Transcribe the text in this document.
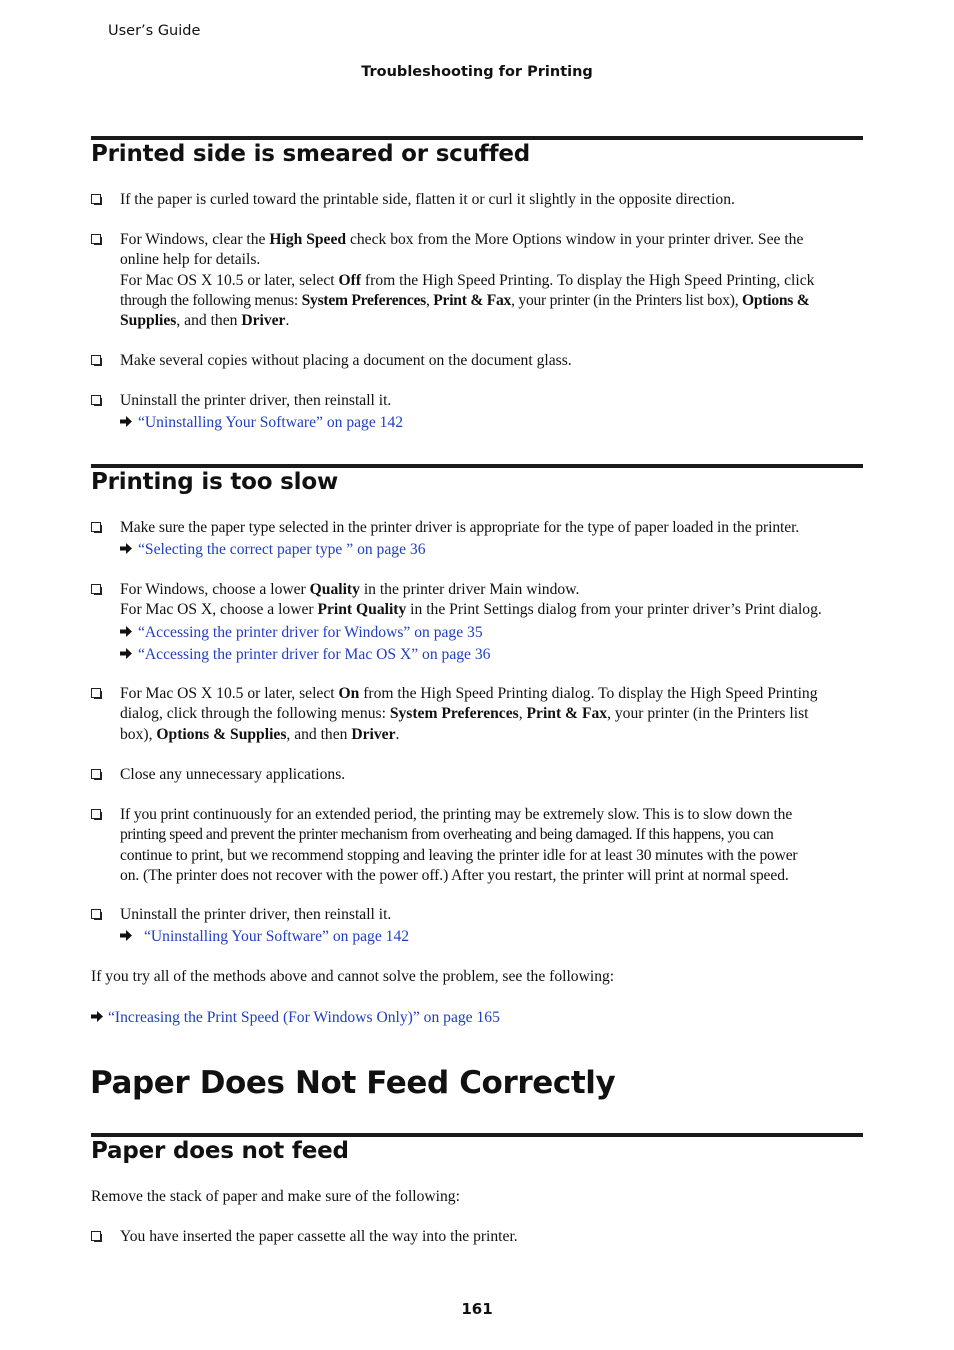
User’s Guide
Troubleshooting for Printing
Printed side is smeared or scuffed
If the paper is curled toward the printable side, flatten it or curl it slightly in the opposite direction.
For Windows, clear the High Speed check box from the More Options window in your printer driver. See the
online help for details.
For Mac OS X 10.5 or later, select Off from the High Speed Printing. To display the High Speed Printing, click
through the following menus: System Preferences, Print & Fax, your printer (in the Printers list box), Options &
Supplies, and then Driver.
Make several copies without placing a document on the document glass.
Uninstall the printer driver, then reinstall it.
“Uninstalling Your Software” on page 142
Printing is too slow
Make sure the paper type selected in the printer driver is appropriate for the type of paper loaded in the printer.
“Selecting the correct paper type ” on page 36
For Windows, choose a lower Quality in the printer driver Main window.
For Mac OS X, choose a lower Print Quality in the Print Settings dialog from your printer driver’s Print dialog.
“Accessing the printer driver for Windows” on page 35
“Accessing the printer driver for Mac OS X” on page 36
For Mac OS X 10.5 or later, select On from the High Speed Printing dialog. To display the High Speed Printing
dialog, click through the following menus: System Preferences, Print & Fax, your printer (in the Printers list
box), Options & Supplies, and then Driver.
Close any unnecessary applications.
If you print continuously for an extended period, the printing may be extremely slow. This is to slow down the
printing speed and prevent the printer mechanism from overheating and being damaged. If this happens, you can
continue to print, but we recommend stopping and leaving the printer idle for at least 30 minutes with the power
on. (The printer does not recover with the power off.) After you restart, the printer will print at normal speed.
Uninstall the printer driver, then reinstall it.
“Uninstalling Your Software” on page 142
If you try all of the methods above and cannot solve the problem, see the following:
“Increasing the Print Speed (For Windows Only)” on page 165
Paper Does Not Feed Correctly
Paper does not feed
Remove the stack of paper and make sure of the following:
You have inserted the paper cassette all the way into the printer.
161
